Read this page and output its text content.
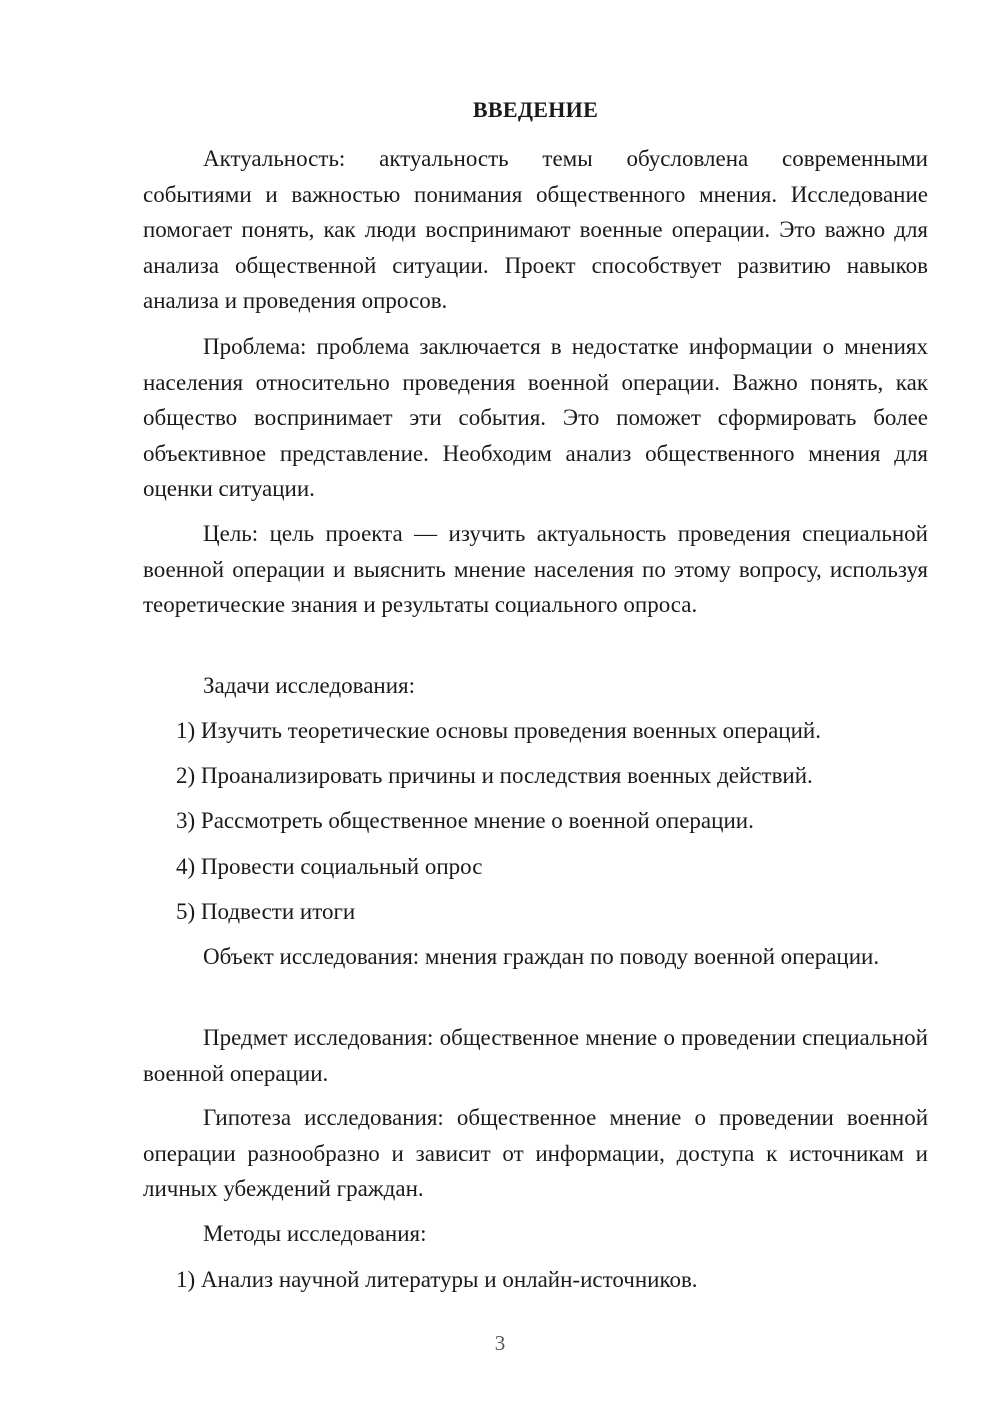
ВВЕДЕНИЕ

Актуальность: актуальность темы обусловлена современными событиями и важностью понимания общественного мнения. Исследование помогает понять, как люди воспринимают военные операции. Это важно для анализа общественной ситуации. Проект способствует развитию навыков анализа и проведения опросов.

Проблема: проблема заключается в недостатке информации о мнениях населения относительно проведения военной операции. Важно понять, как общество воспринимает эти события. Это поможет сформировать более объективное представление. Необходим анализ общественного мнения для оценки ситуации.

Цель: цель проекта — изучить актуальность проведения специальной военной операции и выяснить мнение населения по этому вопросу, используя теоретические знания и результаты социального опроса.

Задачи исследования:

1) Изучить теоретические основы проведения военных операций.

2) Проанализировать причины и последствия военных действий.

3) Рассмотреть общественное мнение о военной операции.

4) Провести социальный опрос

5) Подвести итоги

Объект исследования: мнения граждан по поводу военной операции.

Предмет исследования: общественное мнение о проведении специальной военной операции.

Гипотеза исследования: общественное мнение о проведении военной операции разнообразно и зависит от информации, доступа к источникам и личных убеждений граждан.

Методы исследования:

1) Анализ научной литературы и онлайн-источников.

3
